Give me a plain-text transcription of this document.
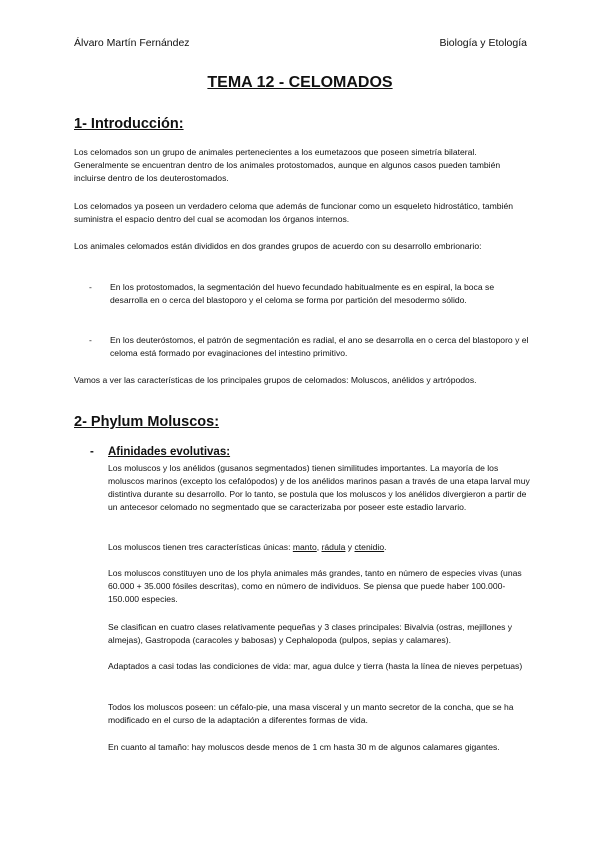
Álvaro Martín Fernández	Biología y Etología
TEMA 12 - CELOMADOS
1- Introducción:
Los celomados son un grupo de animales pertenecientes a los eumetazoos que poseen simetría bilateral. Generalmente se encuentran dentro de los animales protostomados, aunque en algunos casos pueden también incluirse dentro de los deuterostomados.
Los celomados ya poseen un verdadero celoma que además de funcionar como un esqueleto hidrostático, también suministra el espacio dentro del cual se acomodan los órganos internos.
Los animales celomados están divididos en dos grandes grupos de acuerdo con su desarrollo embrionario:
- En los protostomados, la segmentación del huevo fecundado habitualmente es en espiral, la boca se desarrolla en o cerca del blastoporo y el celoma se forma por partición del mesodermo sólido.
- En los deuteróstomos, el patrón de segmentación es radial, el ano se desarrolla en o cerca del blastoporo y el celoma está formado por evaginaciones del intestino primitivo.
Vamos a ver las características de los principales grupos de celomados: Moluscos, anélidos y artrópodos.
2- Phylum Moluscos:
- Afinidades evolutivas:
Los moluscos y los anélidos (gusanos segmentados) tienen similitudes importantes. La mayoría de los moluscos marinos (excepto los cefalópodos) y de los anélidos marinos pasan a través de una etapa larval muy distintiva durante su desarrollo. Por lo tanto, se postula que los moluscos y los anélidos divergieron a partir de un antecesor celomado no segmentado que se caracterizaba por poseer este estadio larvario.
Los moluscos tienen tres características únicas: manto, rádula y ctenidio.
Los moluscos constituyen uno de los phyla animales más grandes, tanto en número de especies vivas (unas 60.000 + 35.000 fósiles descritas), como en número de individuos. Se piensa que puede haber 100.000-150.000 especies.
Se clasifican en cuatro clases relativamente pequeñas y 3 clases principales: Bivalvia (ostras, mejillones y almejas), Gastropoda (caracoles y babosas) y Cephalopoda (pulpos, sepias y calamares).
Adaptados a casi todas las condiciones de vida: mar, agua dulce y tierra (hasta la línea de nieves perpetuas)
Todos los moluscos poseen: un céfalo-pie, una masa visceral y un manto secretor de la concha, que se ha modificado en el curso de la adaptación a diferentes formas de vida.
En cuanto al tamaño: hay moluscos desde menos de 1 cm hasta 30 m de algunos calamares gigantes.
